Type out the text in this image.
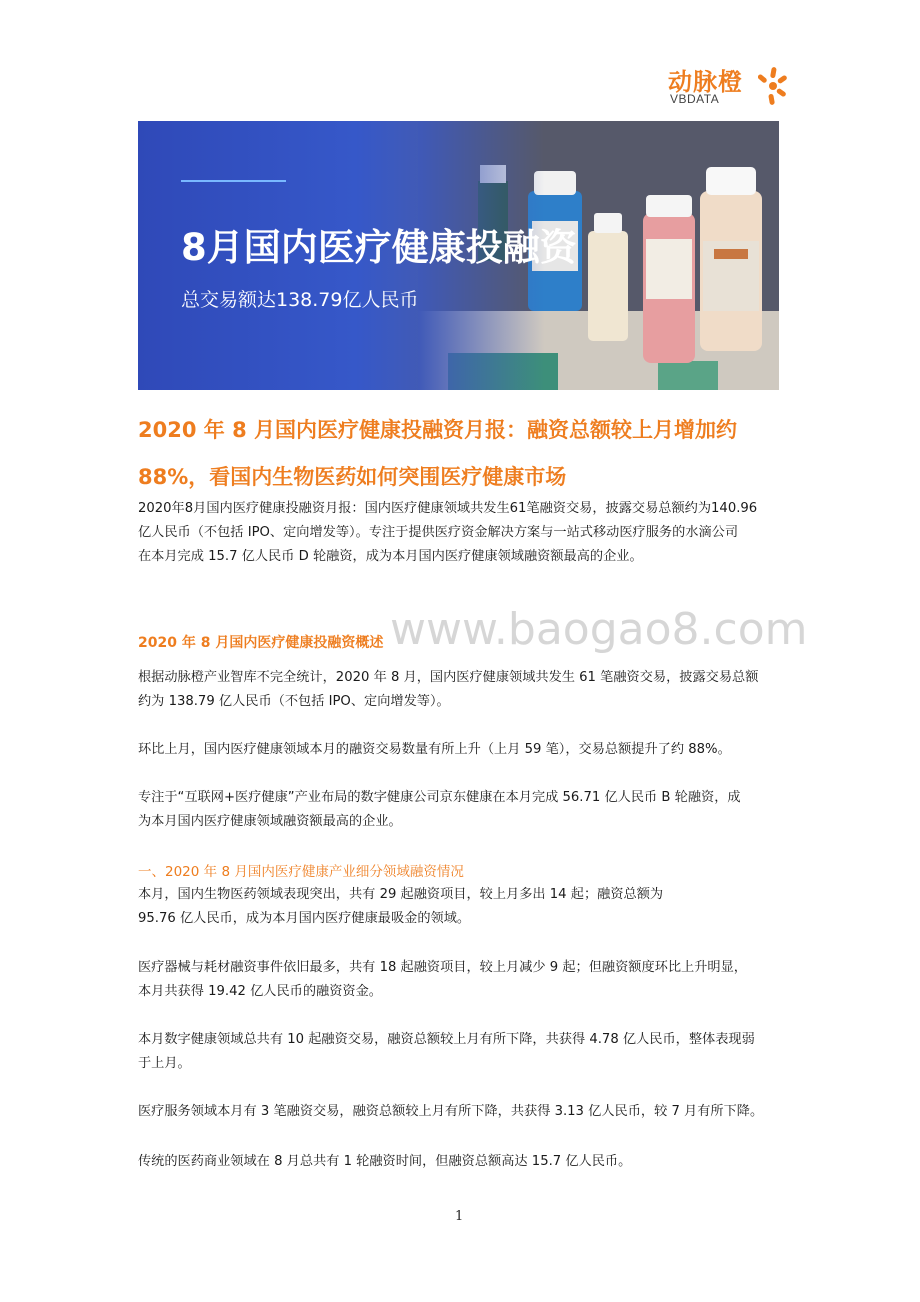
动脉橙
VBDATA
8月国内医疗健康投融资
总交易额达138.79亿人民币
2020 年 8 月国内医疗健康投融资月报：融资总额较上月增加约
88%，看国内生物医药如何突围医疗健康市场
2020年8月国内医疗健康投融资月报：国内医疗健康领域共发生61笔融资交易，披露交易总额约为140.96
亿人民币（不包括 IPO、定向增发等）。专注于提供医疗资金解决方案与一站式移动医疗服务的水滴公司
在本月完成 15.7 亿人民币 D 轮融资，成为本月国内医疗健康领域融资额最高的企业。
www.baogao8.com
2020 年 8 月国内医疗健康投融资概述
根据动脉橙产业智库不完全统计，2020 年 8 月，国内医疗健康领域共发生 61 笔融资交易，披露交易总额
约为 138.79 亿人民币（不包括 IPO、定向增发等）。
环比上月，国内医疗健康领域本月的融资交易数量有所上升（上月 59 笔），交易总额提升了约 88%。
专注于“互联网+医疗健康”产业布局的数字健康公司京东健康在本月完成 56.71 亿人民币 B 轮融资，成
为本月国内医疗健康领域融资额最高的企业。
一、2020 年 8 月国内医疗健康产业细分领域融资情况
本月，国内生物医药领域表现突出，共有 29 起融资项目，较上月多出 14 起；融资总额为
95.76 亿人民币，成为本月国内医疗健康最吸金的领域。
医疗器械与耗材融资事件依旧最多，共有 18 起融资项目，较上月减少 9 起；但融资额度环比上升明显，
本月共获得 19.42 亿人民币的融资资金。
本月数字健康领域总共有 10 起融资交易，融资总额较上月有所下降，共获得 4.78 亿人民币，整体表现弱
于上月。
医疗服务领域本月有 3 笔融资交易，融资总额较上月有所下降，共获得 3.13 亿人民币，较 7 月有所下降。
传统的医药商业领域在 8 月总共有 1 轮融资时间，但融资总额高达 15.7 亿人民币。
1
